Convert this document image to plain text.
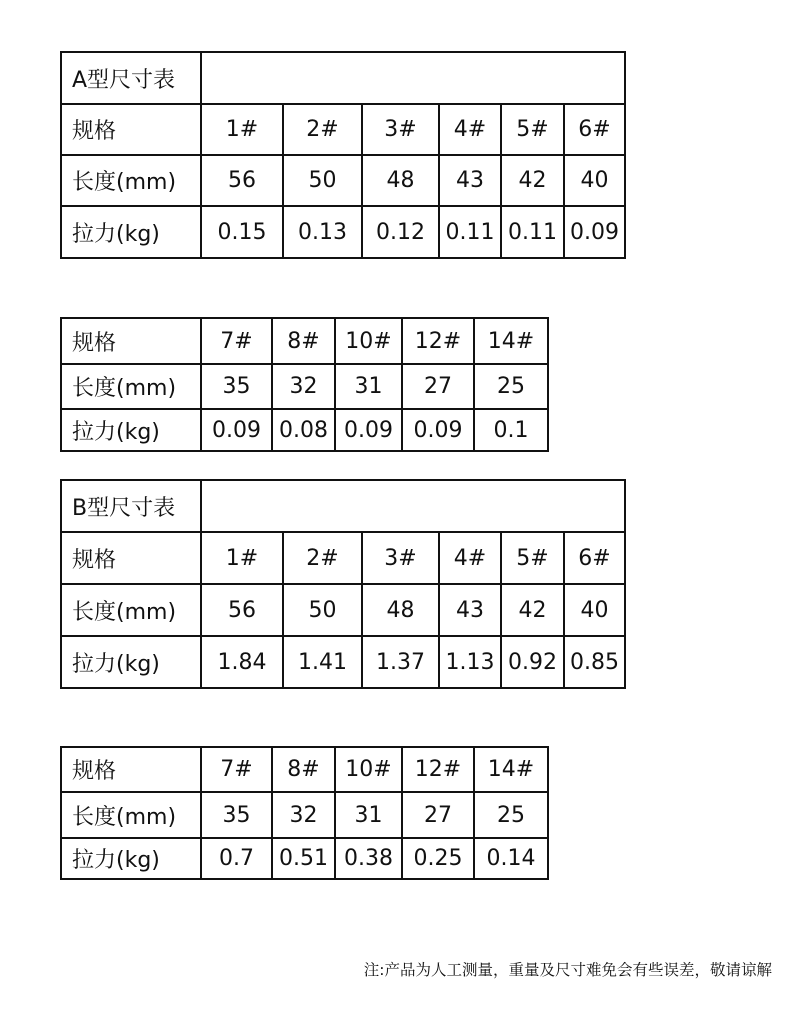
A型尺寸表						
规格	1#	2#	3#	4#	5#	6#
长度(mm)	56	50	48	43	42	40
拉力(kg)	0.15	0.13	0.12	0.11	0.11	0.09
规格	7#	8#	10#	12#	14#
长度(mm)	35	32	31	27	25
拉力(kg)	0.09	0.08	0.09	0.09	0.1
B型尺寸表						
规格	1#	2#	3#	4#	5#	6#
长度(mm)	56	50	48	43	42	40
拉力(kg)	1.84	1.41	1.37	1.13	0.92	0.85
规格	7#	8#	10#	12#	14#
长度(mm)	35	32	31	27	25
拉力(kg)	0.7	0.51	0.38	0.25	0.14
注:产品为人工测量，重量及尺寸难免会有些误差，敬请谅解
